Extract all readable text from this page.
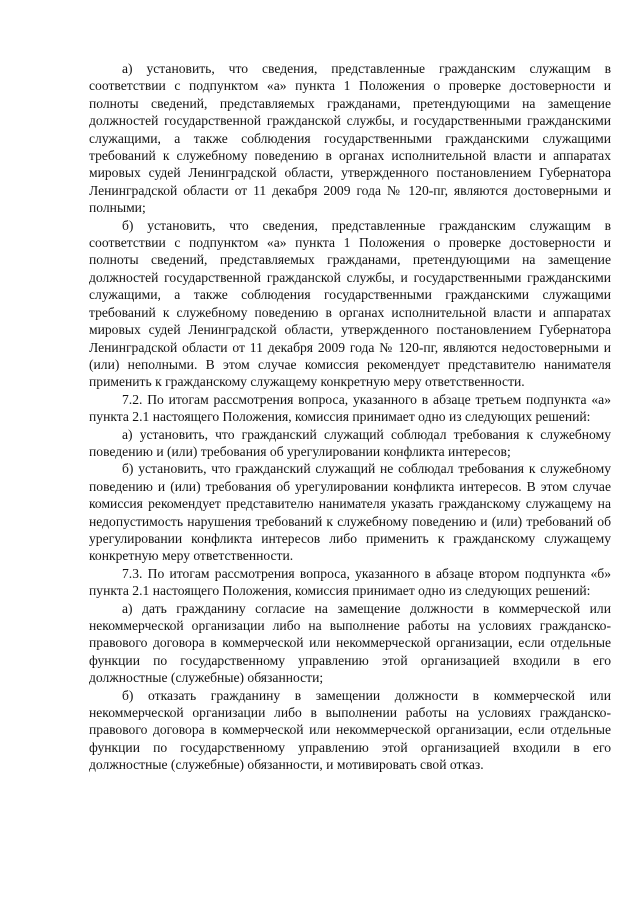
а) установить, что сведения, представленные гражданским служащим в соответствии с подпунктом «а» пункта 1 Положения о проверке достоверности и полноты сведений, представляемых гражданами, претендующими на замещение должностей государственной гражданской службы, и государственными гражданскими служащими, а также соблюдения государственными гражданскими служащими требований к служебному поведению в органах исполнительной власти и аппаратах мировых судей Ленинградской области, утвержденного постановлением Губернатора Ленинградской области от 11 декабря 2009 года № 120-пг, являются достоверными и полными;

б) установить, что сведения, представленные гражданским служащим в соответствии с подпунктом «а» пункта 1 Положения о проверке достоверности и полноты сведений, представляемых гражданами, претендующими на замещение должностей государственной гражданской службы, и государственными гражданскими служащими, а также соблюдения государственными гражданскими служащими требований к служебному поведению в органах исполнительной власти и аппаратах мировых судей Ленинградской области, утвержденного постановлением Губернатора Ленинградской области от 11 декабря 2009 года № 120-пг, являются недостоверными и (или) неполными. В этом случае комиссия рекомендует представителю нанимателя применить к гражданскому служащему конкретную меру ответственности.

7.2. По итогам рассмотрения вопроса, указанного в абзаце третьем подпункта «а» пункта 2.1 настоящего Положения, комиссия принимает одно из следующих решений:

а) установить, что гражданский служащий соблюдал требования к служебному поведению и (или) требования об урегулировании конфликта интересов;

б) установить, что гражданский служащий не соблюдал требования к служебному поведению и (или) требования об урегулировании конфликта интересов. В этом случае комиссия рекомендует представителю нанимателя указать гражданскому служащему на недопустимость нарушения требований к служебному поведению и (или) требований об урегулировании конфликта интересов либо применить к гражданскому служащему конкретную меру ответственности.

7.3. По итогам рассмотрения вопроса, указанного в абзаце втором подпункта «б» пункта 2.1 настоящего Положения, комиссия принимает одно из следующих решений:

а) дать гражданину согласие на замещение должности в коммерческой или некоммерческой организации либо на выполнение работы на условиях гражданско-правового договора в коммерческой или некоммерческой организации, если отдельные функции по государственному управлению этой организацией входили в его должностные (служебные) обязанности;

б) отказать гражданину в замещении должности в коммерческой или некоммерческой организации либо в выполнении работы на условиях гражданско-правового договора в коммерческой или некоммерческой организации, если отдельные функции по государственному управлению этой организацией входили в его должностные (служебные) обязанности, и мотивировать свой отказ.
